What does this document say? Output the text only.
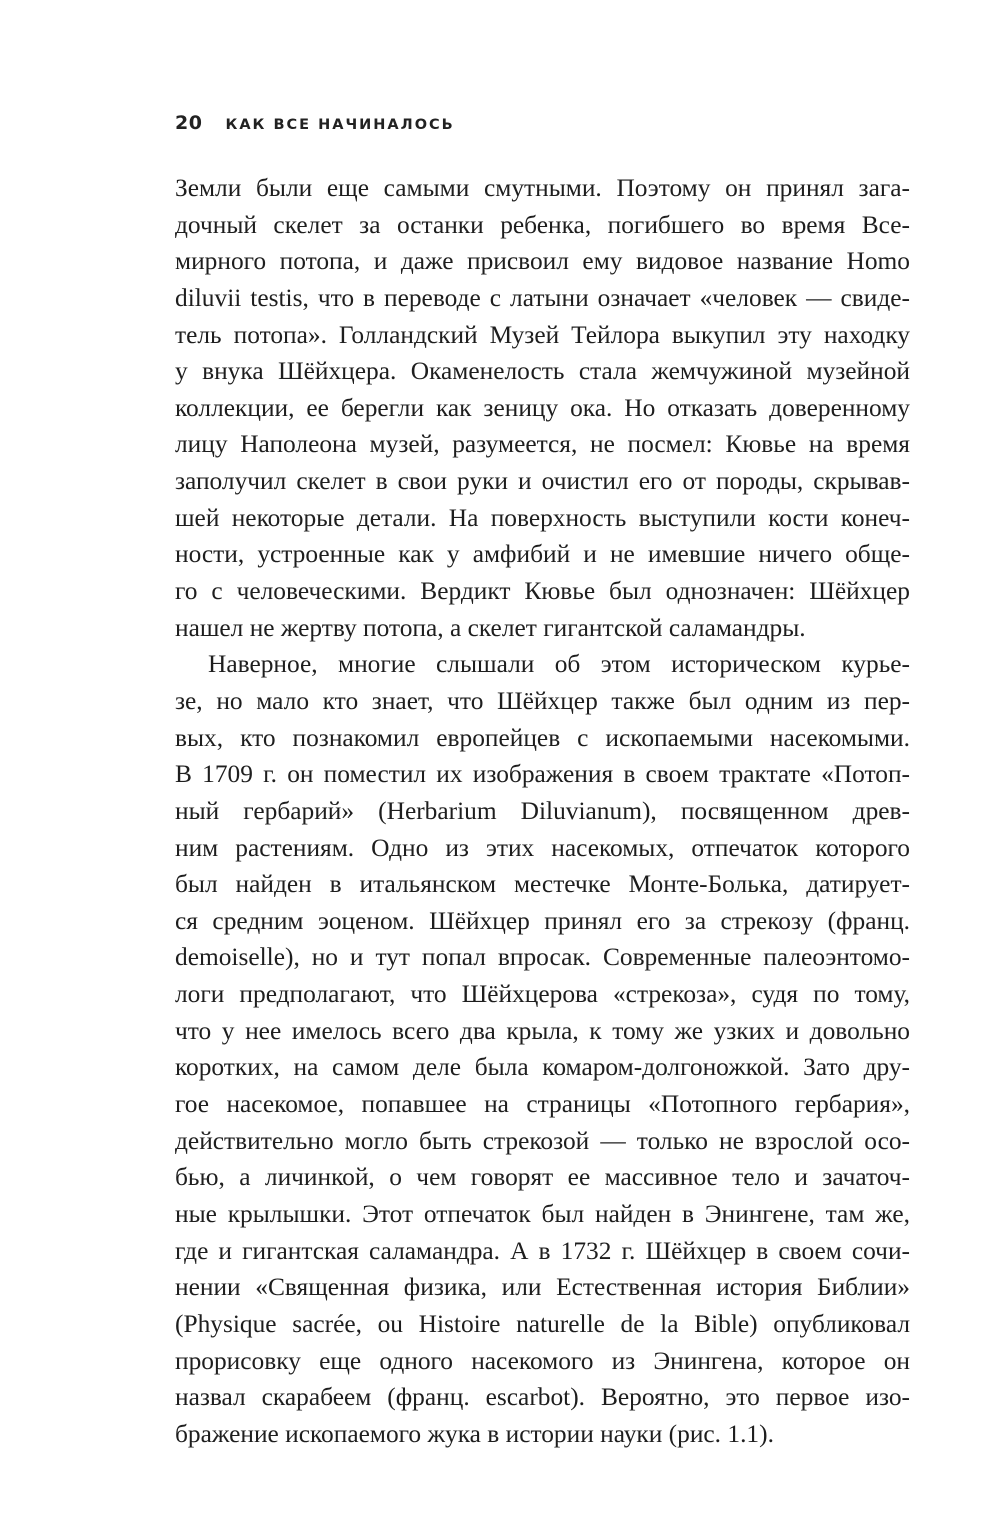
20 КАК ВСЕ НАЧИНАЛОСЬ
Земли были еще самыми смутными. Поэтому он принял зага-
дочный скелет за останки ребенка, погибшего во время Все-
мирного потопа, и даже присвоил ему видовое название Homo
diluvii testis, что в переводе с латыни означает «человек — свиде-
тель потопа». Голландский Музей Тейлора выкупил эту находку
у внука Шёйхцера. Окаменелость стала жемчужиной музейной
коллекции, ее берегли как зеницу ока. Но отказать доверенному
лицу Наполеона музей, разумеется, не посмел: Кювье на время
заполучил скелет в свои руки и очистил его от породы, скрывав-
шей некоторые детали. На поверхность выступили кости конеч-
ности, устроенные как у амфибий и не имевшие ничего обще-
го с человеческими. Вердикт Кювье был однозначен: Шёйхцер
нашел не жертву потопа, а скелет гигантской саламандры.
Наверное, многие слышали об этом историческом курье-
зе, но мало кто знает, что Шёйхцер также был одним из пер-
вых, кто познакомил европейцев с ископаемыми насекомыми.
В 1709 г. он поместил их изображения в своем трактате «Потоп-
ный гербарий» (Herbarium Diluvianum), посвященном древ-
ним растениям. Одно из этих насекомых, отпечаток которого
был найден в итальянском местечке Монте-Болька, датирует-
ся средним эоценом. Шёйхцер принял его за стрекозу (франц.
demoiselle), но и тут попал впросак. Современные палеоэнтомо-
логи предполагают, что Шёйхцерова «стрекоза», судя по тому,
что у нее имелось всего два крыла, к тому же узких и довольно
коротких, на самом деле была комаром-долгоножкой. Зато дру-
гое насекомое, попавшее на страницы «Потопного гербария»,
действительно могло быть стрекозой — только не взрослой осо-
бью, а личинкой, о чем говорят ее массивное тело и зачаточ-
ные крылышки. Этот отпечаток был найден в Энингене, там же,
где и гигантская саламандра. А в 1732 г. Шёйхцер в своем сочи-
нении «Священная физика, или Естественная история Библии»
(Physique sacrée, ou Histoire naturelle de la Bible) опубликовал
прорисовку еще одного насекомого из Энингена, которое он
назвал скарабеем (франц. escarbot). Вероятно, это первое изо-
бражение ископаемого жука в истории науки (рис. 1.1).
